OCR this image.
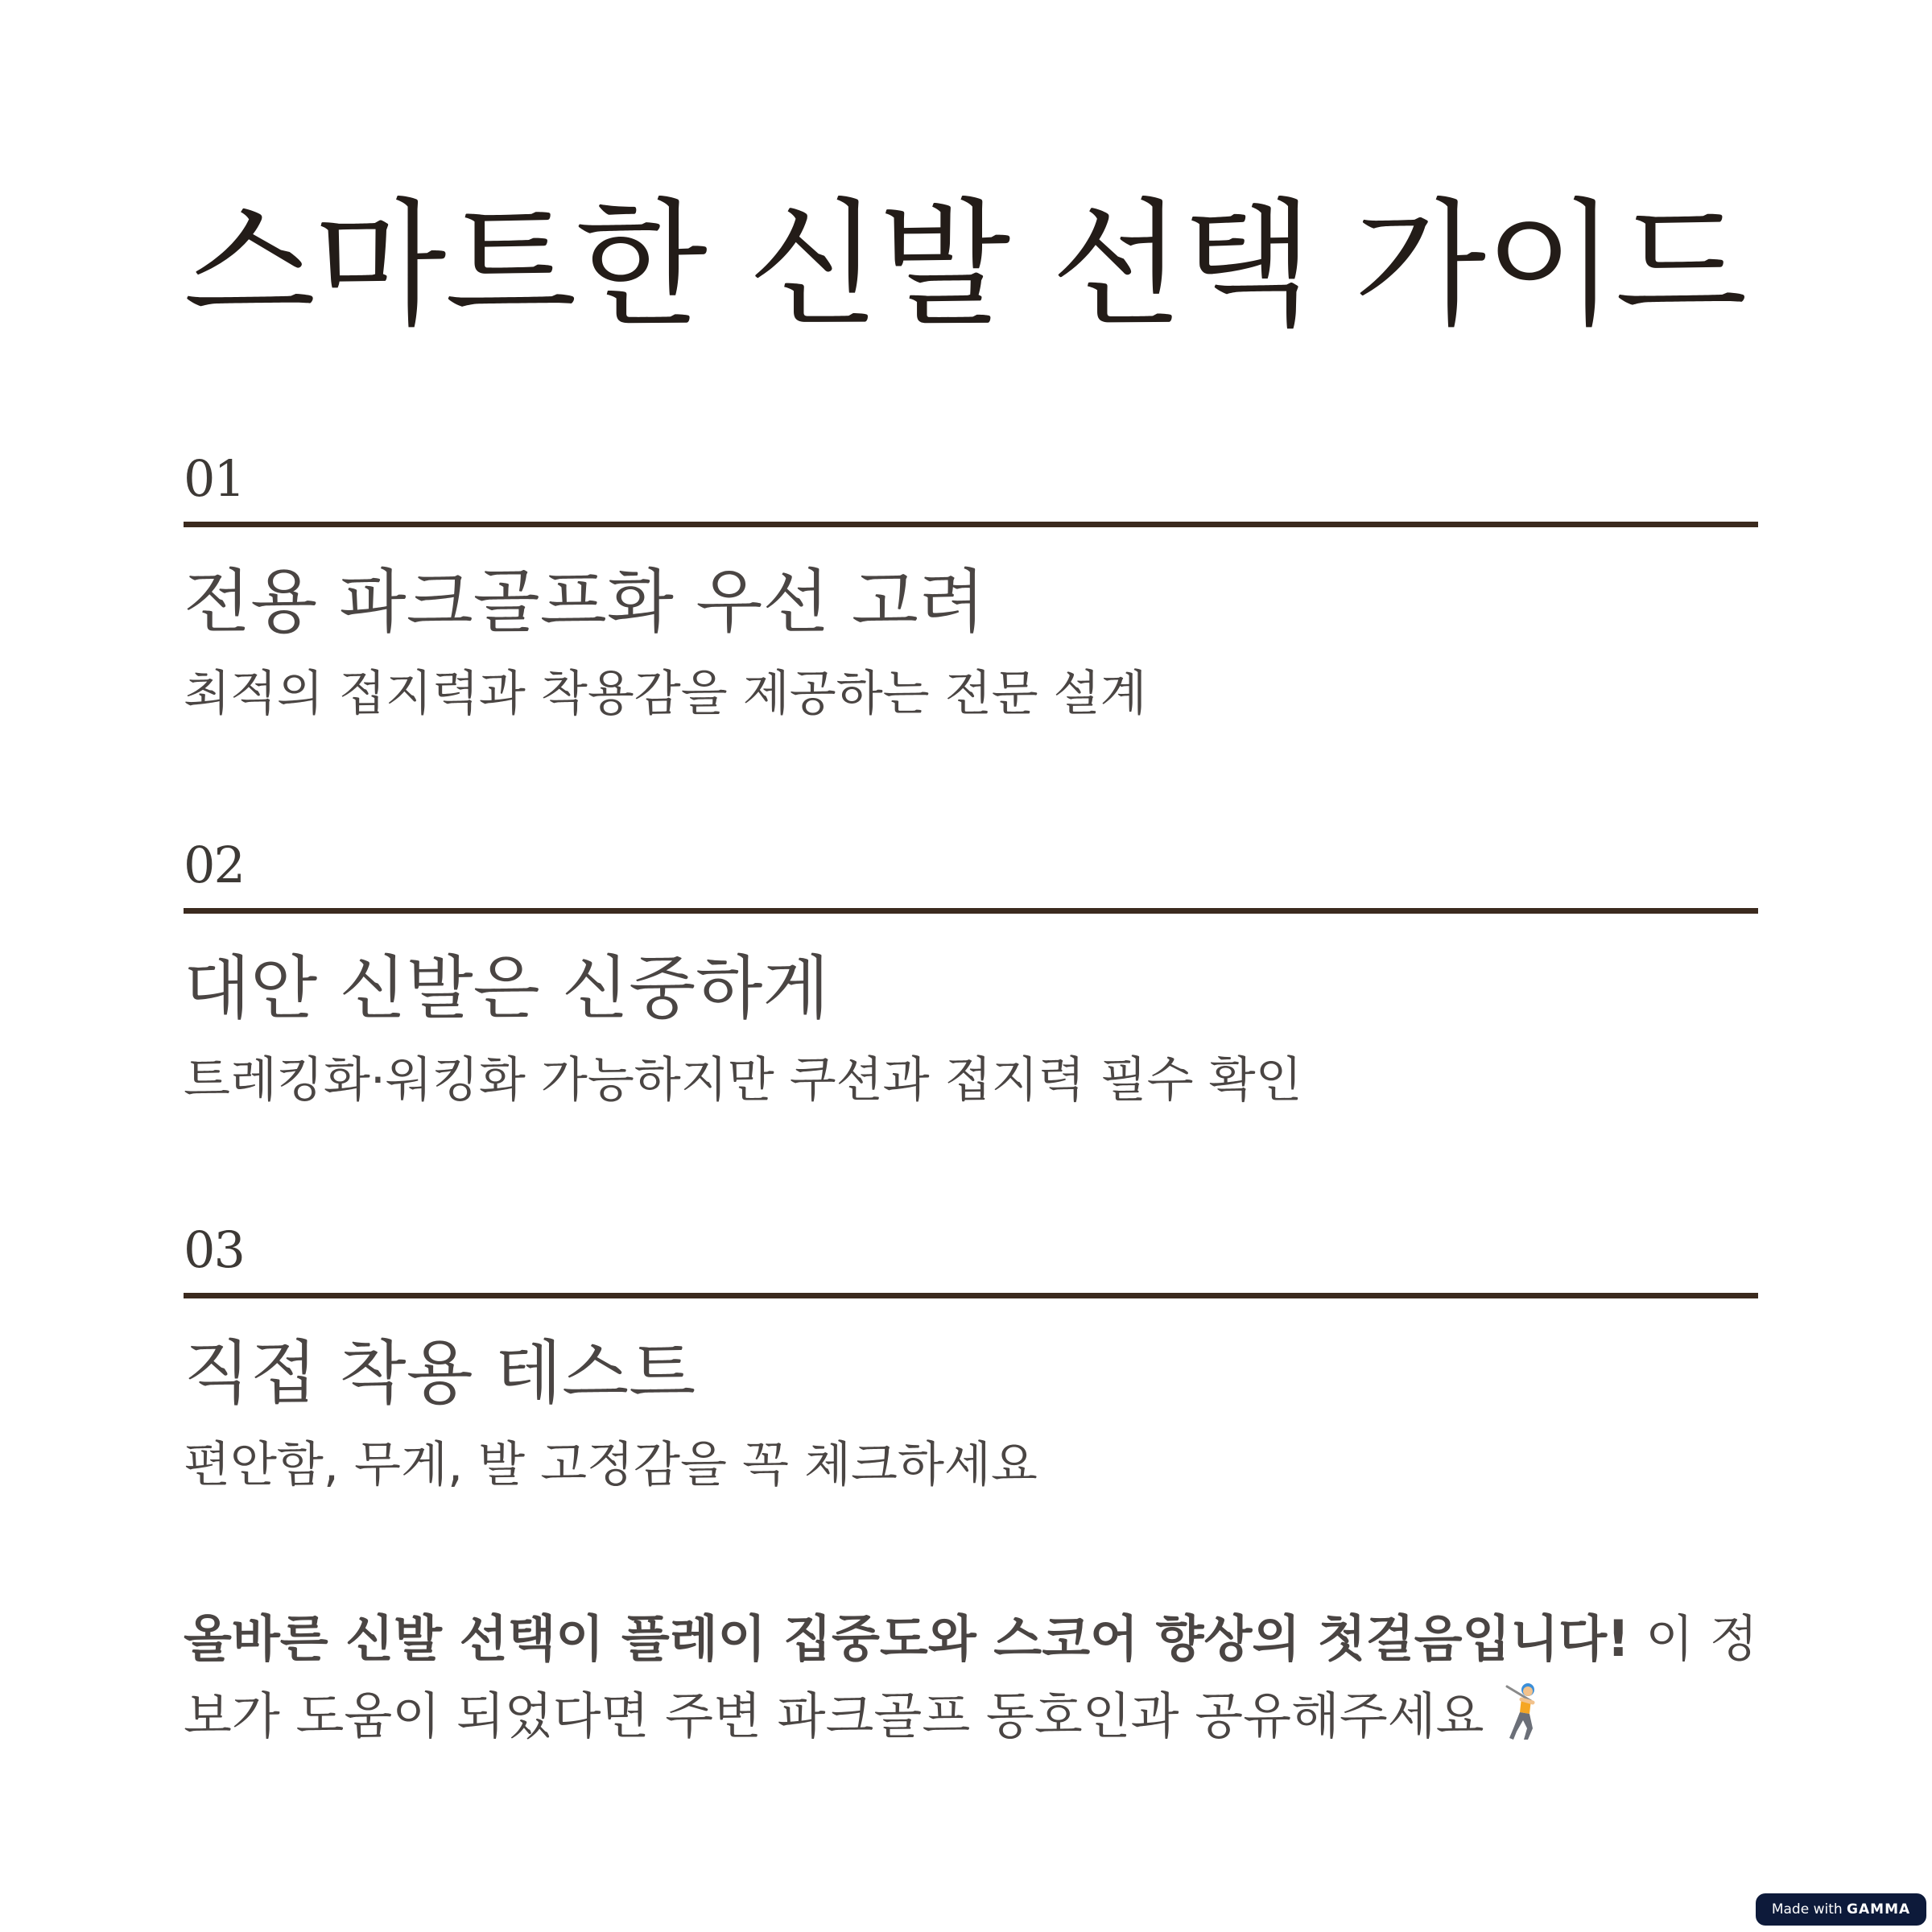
스마트한 신발 선택 가이드
01
전용 파크골프화 우선 고려

최적의 접지력과 착용감을 제공하는 전문 설계

02
대안 신발은 신중하게

트레킹화·워킹화 가능하지만 쿠션과 접지력 필수 확인

03
직접 착용 테스트

편안함, 무게, 발 고정감을 꼭 체크하세요

올바른 신발 선택이 플레이 집중도와 스코어 향상의 첫걸음입니다! 이 정보가 도움이 되었다면 주변 파크골프 동호인과 공유해주세요

Made with GAMMA
